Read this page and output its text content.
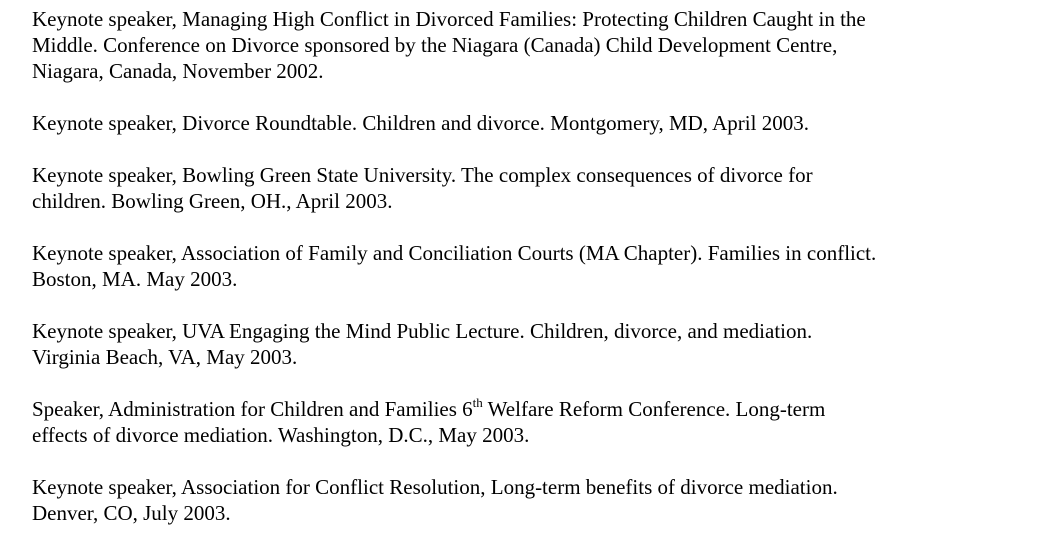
Keynote speaker, Managing High Conflict in Divorced Families: Protecting Children Caught in the
Middle. Conference on Divorce sponsored by the Niagara (Canada) Child Development Centre,
Niagara, Canada, November 2002.

Keynote speaker, Divorce Roundtable. Children and divorce. Montgomery, MD, April 2003.

Keynote speaker, Bowling Green State University. The complex consequences of divorce for
children. Bowling Green, OH., April 2003.

Keynote speaker, Association of Family and Conciliation Courts (MA Chapter). Families in conflict.
Boston, MA. May 2003.

Keynote speaker, UVA Engaging the Mind Public Lecture. Children, divorce, and mediation.
Virginia Beach, VA, May 2003.

Speaker, Administration for Children and Families 6th Welfare Reform Conference. Long-term
effects of divorce mediation. Washington, D.C., May 2003.

Keynote speaker, Association for Conflict Resolution, Long-term benefits of divorce mediation.
Denver, CO, July 2003.
